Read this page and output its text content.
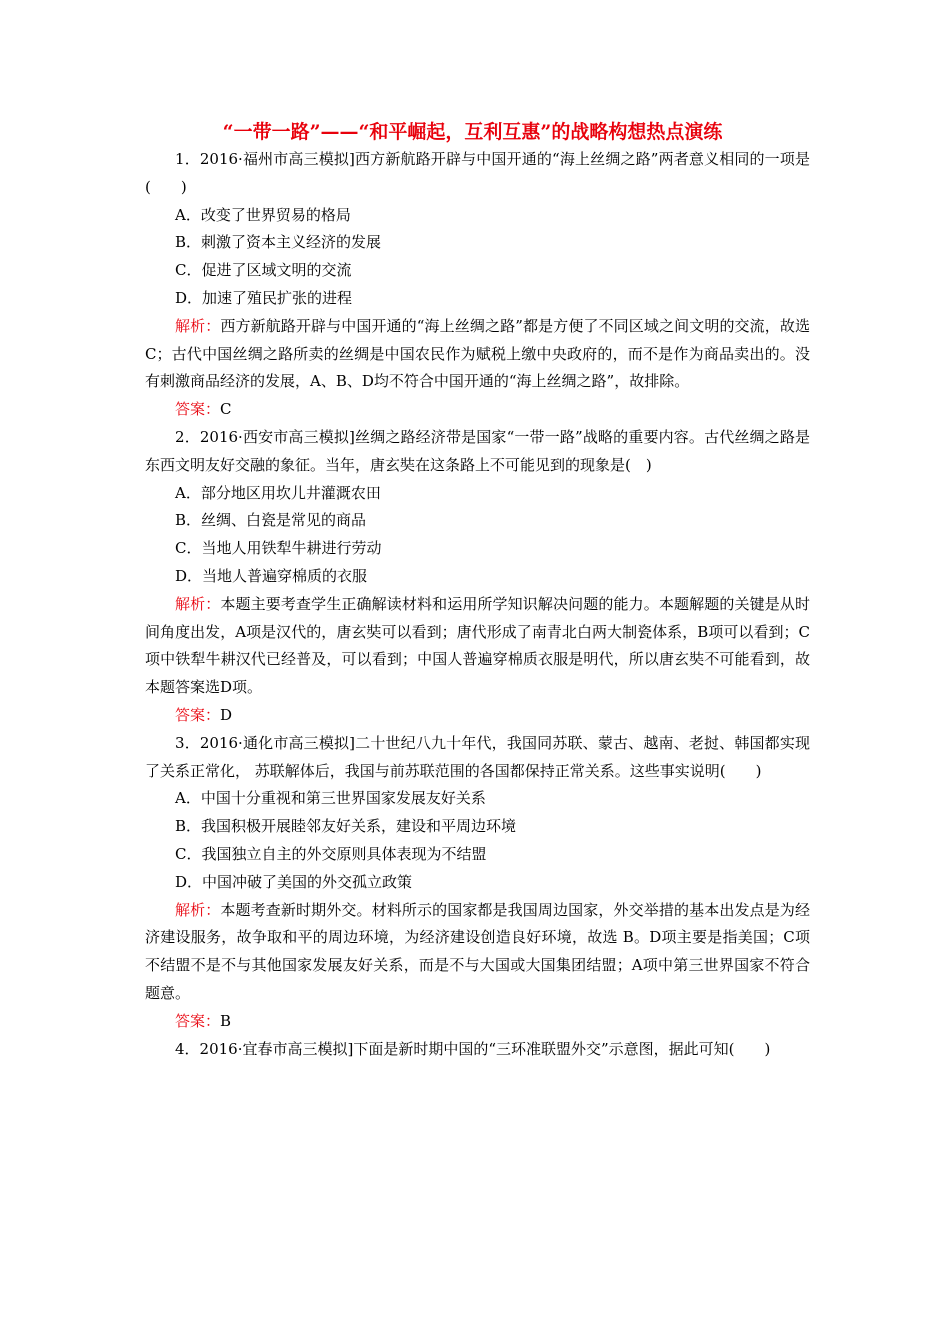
“一带一路”——“和平崛起，互利互惠”的战略构想热点演练

1．2016·福州市高三模拟]西方新航路开辟与中国开通的“海上丝绸之路”两者意义相同的一项是(　　)

A．改变了世界贸易的格局

B．刺激了资本主义经济的发展

C．促进了区域文明的交流

D．加速了殖民扩张的进程

解析：西方新航路开辟与中国开通的“海上丝绸之路”都是方便了不同区域之间文明的交流，故选C；古代中国丝绸之路所卖的丝绸是中国农民作为赋税上缴中央政府的，而不是作为商品卖出的。没有刺激商品经济的发展，A、B、D均不符合中国开通的“海上丝绸之路”，故排除。

答案：C

2．2016·西安市高三模拟]丝绸之路经济带是国家“一带一路”战略的重要内容。古代丝绸之路是东西文明友好交融的象征。当年，唐玄奘在这条路上不可能见到的现象是(　)

A．部分地区用坎儿井灌溉农田

B．丝绸、白瓷是常见的商品

C．当地人用铁犁牛耕进行劳动

D．当地人普遍穿棉质的衣服

解析：本题主要考查学生正确解读材料和运用所学知识解决问题的能力。本题解题的关键是从时间角度出发，A项是汉代的，唐玄奘可以看到；唐代形成了南青北白两大制瓷体系，B项可以看到；C项中铁犁牛耕汉代已经普及，可以看到；中国人普遍穿棉质衣服是明代，所以唐玄奘不可能看到，故本题答案选D项。

答案：D

3．2016·通化市高三模拟]二十世纪八九十年代，我国同苏联、蒙古、越南、老挝、韩国都实现了关系正常化， 苏联解体后，我国与前苏联范围的各国都保持正常关系。这些事实说明(　　)

A．中国十分重视和第三世界国家发展友好关系

B．我国积极开展睦邻友好关系，建设和平周边环境

C．我国独立自主的外交原则具体表现为不结盟

D．中国冲破了美国的外交孤立政策

解析：本题考查新时期外交。材料所示的国家都是我国周边国家，外交举措的基本出发点是为经济建设服务，故争取和平的周边环境，为经济建设创造良好环境，故选 B。D项主要是指美国；C项不结盟不是不与其他国家发展友好关系，而是不与大国或大国集团结盟；A项中第三世界国家不符合题意。

答案：B

4．2016·宜春市高三模拟]下面是新时期中国的“三环准联盟外交”示意图，据此可知(　　)
